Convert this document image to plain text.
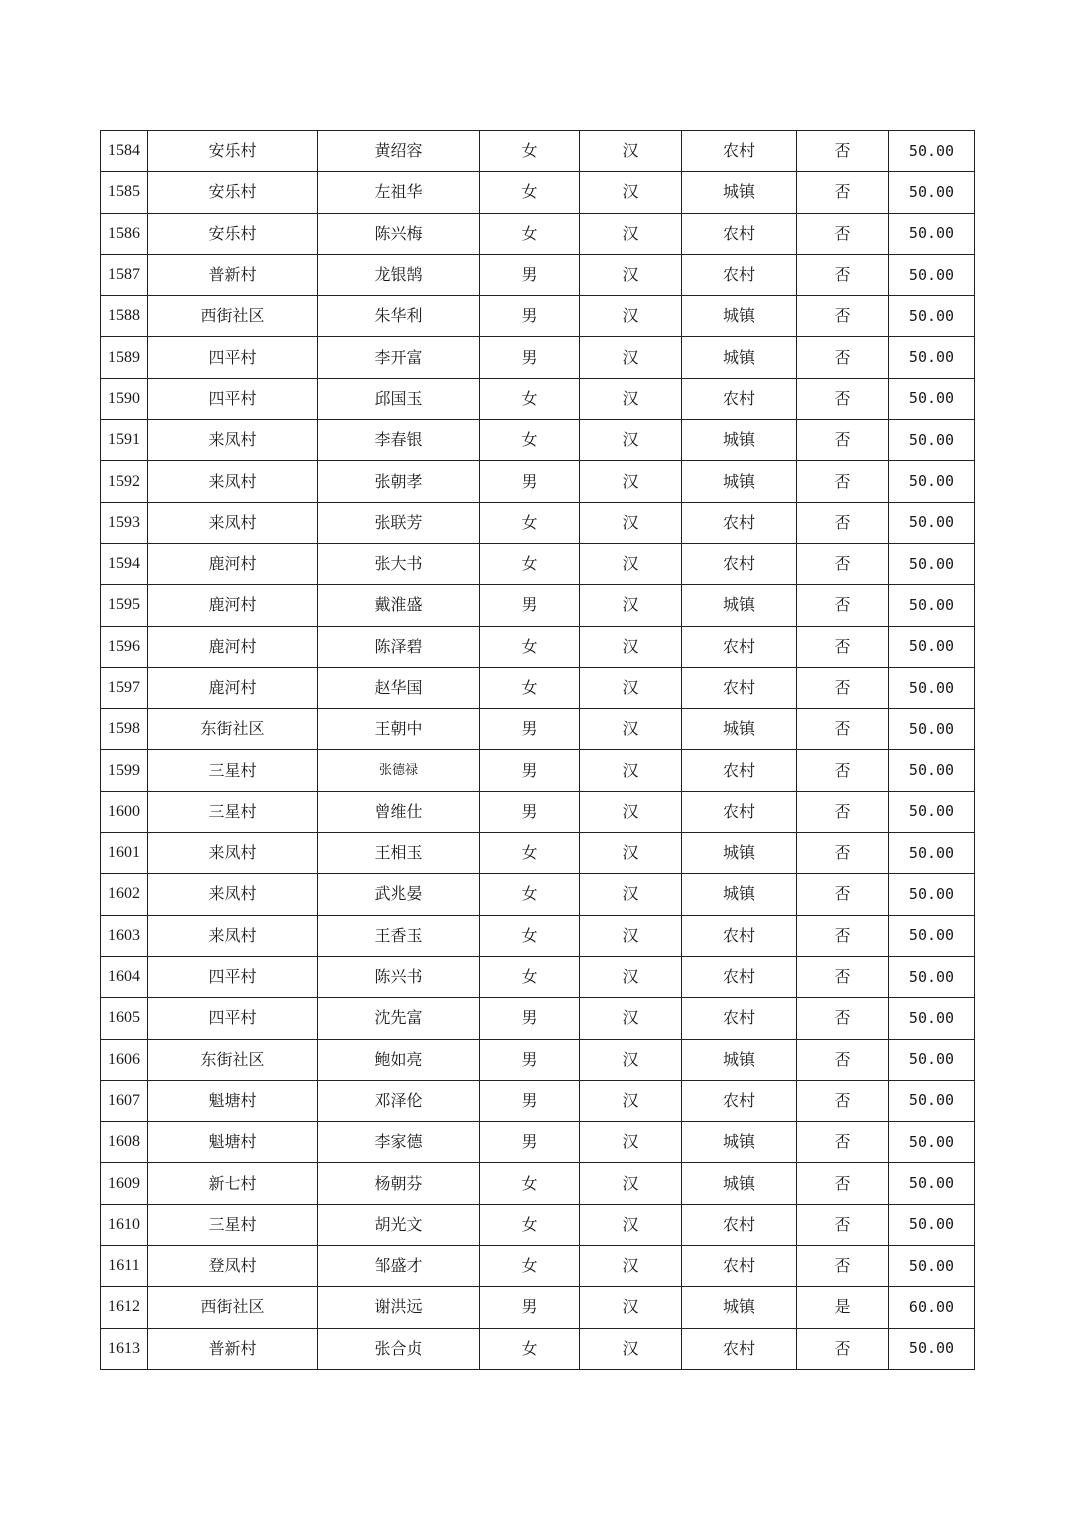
1584	安乐村	黄绍容	女	汉	农村	否	50.00
1585	安乐村	左祖华	女	汉	城镇	否	50.00
1586	安乐村	陈兴梅	女	汉	农村	否	50.00
1587	普新村	龙银鹄	男	汉	农村	否	50.00
1588	西街社区	朱华利	男	汉	城镇	否	50.00
1589	四平村	李开富	男	汉	城镇	否	50.00
1590	四平村	邱国玉	女	汉	农村	否	50.00
1591	来凤村	李春银	女	汉	城镇	否	50.00
1592	来凤村	张朝孝	男	汉	城镇	否	50.00
1593	来凤村	张联芳	女	汉	农村	否	50.00
1594	鹿河村	张大书	女	汉	农村	否	50.00
1595	鹿河村	戴淮盛	男	汉	城镇	否	50.00
1596	鹿河村	陈泽碧	女	汉	农村	否	50.00
1597	鹿河村	赵华国	女	汉	农村	否	50.00
1598	东街社区	王朝中	男	汉	城镇	否	50.00
1599	三星村	张德禄	男	汉	农村	否	50.00
1600	三星村	曾维仕	男	汉	农村	否	50.00
1601	来凤村	王相玉	女	汉	城镇	否	50.00
1602	来凤村	武兆晏	女	汉	城镇	否	50.00
1603	来凤村	王香玉	女	汉	农村	否	50.00
1604	四平村	陈兴书	女	汉	农村	否	50.00
1605	四平村	沈先富	男	汉	农村	否	50.00
1606	东街社区	鲍如亮	男	汉	城镇	否	50.00
1607	魁塘村	邓泽伦	男	汉	农村	否	50.00
1608	魁塘村	李家德	男	汉	城镇	否	50.00
1609	新七村	杨朝芬	女	汉	城镇	否	50.00
1610	三星村	胡光文	女	汉	农村	否	50.00
1611	登凤村	邹盛才	女	汉	农村	否	50.00
1612	西街社区	谢洪远	男	汉	城镇	是	60.00
1613	普新村	张合贞	女	汉	农村	否	50.00
